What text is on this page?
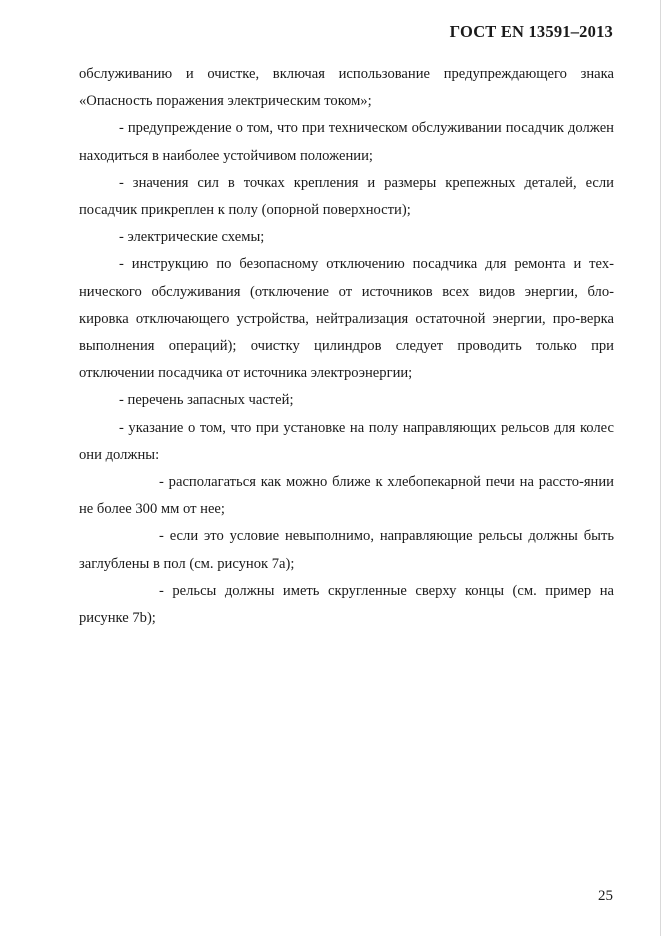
ГОСТ EN 13591–2013

обслуживанию и очистке, включая использование предупреждающего знака «Опасность поражения электрическим током»;

- предупреждение о том, что при техническом обслуживании посадчик должен находиться в наиболее устойчивом положении;

- значения сил в точках крепления и размеры крепежных деталей, если посадчик прикреплен к полу (опорной поверхности);

- электрические схемы;

- инструкцию по безопасному отключению посадчика для ремонта и тех-нического обслуживания (отключение от источников всех видов энергии, бло-кировка отключающего устройства, нейтрализация остаточной энергии, про-верка выполнения операций); очистку цилиндров следует проводить только при отключении посадчика от источника электроэнергии;

- перечень запасных частей;

- указание о том, что при установке на полу направляющих рельсов для колес они должны:

- располагаться как можно ближе к хлебопекарной печи на рассто-янии не более 300 мм от нее;

- если это условие невыполнимо, направляющие рельсы должны быть заглублены в пол (см. рисунок 7a);

- рельсы должны иметь скругленные сверху концы (см. пример на рисунке 7b);

25
